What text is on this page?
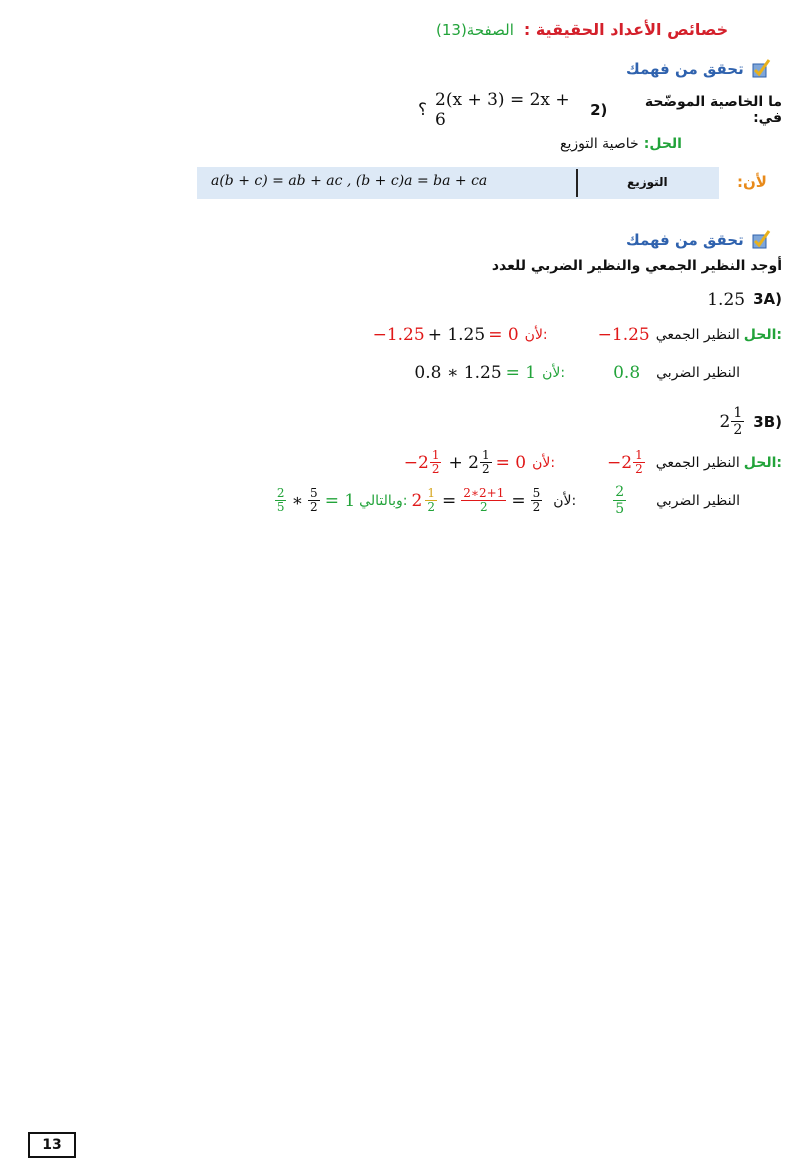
خصائص الأعداد الحقيقية :
الصفحة(13)
تحقق من فهمك
؟ 2(x + 3) = 2x + 6	2)	ما الخاصية الموضّحة في:
الحل:
خاصية التوزيع
a(b + c) = ab + ac , (b + c)a = ba + ca	التوزيع	لأن:
تحقق من فهمك
أوجد النظير الجمعي والنظير الضربي للعدد
1.25 3A)
−1.25 + 1.25 = 0 لأن:	−1.25 النظير الجمعي الحل:
0.8 ∗ 1.25 = 1 لأن:	0.8 النظير الضربي
$2 \frac{1}{2} 3B$)
$-2 \frac{1}{2} + 2 \frac{1}{2} = 0$ لأن:	$-2 \frac{1}{2}$ النظير الجمعي الحل:
$\frac{2}{5}$ ∗ $\frac{5}{2} = 1$ وبالتالي: $2 \frac{1}{2} = \frac{2∗2+1}{2} = \frac{5}{2}$ لأن:	$\frac{2}{5}$ النظير الضربي
13
